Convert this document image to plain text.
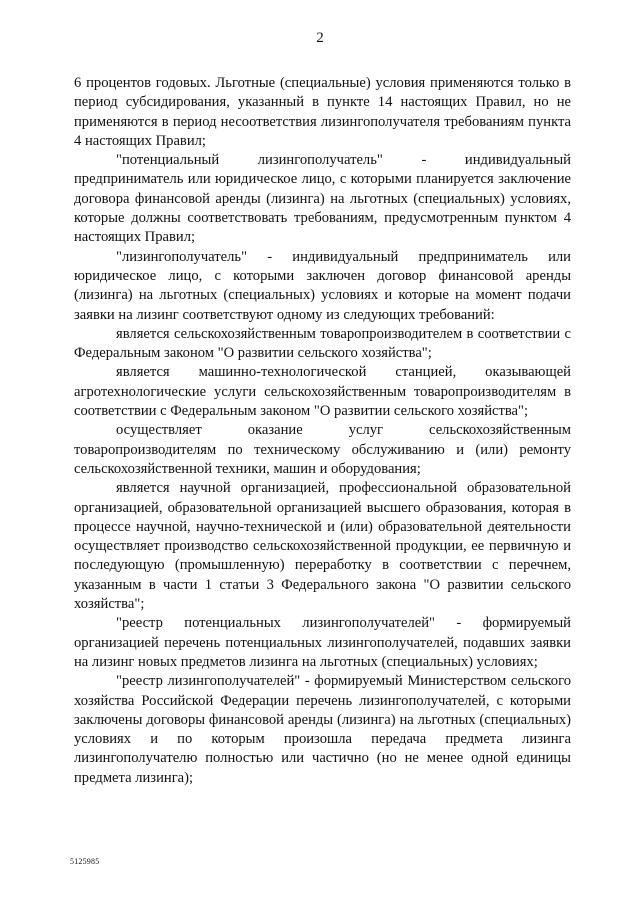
2

6 процентов годовых. Льготные (специальные) условия применяются только в период субсидирования, указанный в пункте 14 настоящих Правил, но не применяются в период несоответствия лизингополучателя требованиям пункта 4 настоящих Правил;

"потенциальный лизингополучатель" - индивидуальный предприниматель или юридическое лицо, с которыми планируется заключение договора финансовой аренды (лизинга) на льготных (специальных) условиях, которые должны соответствовать требованиям, предусмотренным пунктом 4 настоящих Правил;

"лизингополучатель" - индивидуальный предприниматель или юридическое лицо, с которыми заключен договор финансовой аренды (лизинга) на льготных (специальных) условиях и которые на момент подачи заявки на лизинг соответствуют одному из следующих требований:

является сельскохозяйственным товаропроизводителем в соответствии с Федеральным законом "О развитии сельского хозяйства";

является машинно-технологической станцией, оказывающей агротехнологические услуги сельскохозяйственным товаропроизводителям в соответствии с Федеральным законом "О развитии сельского хозяйства";

осуществляет оказание услуг сельскохозяйственным товаропроизводителям по техническому обслуживанию и (или) ремонту сельскохозяйственной техники, машин и оборудования;

является научной организацией, профессиональной образовательной организацией, образовательной организацией высшего образования, которая в процессе научной, научно-технической и (или) образовательной деятельности осуществляет производство сельскохозяйственной продукции, ее первичную и последующую (промышленную) переработку в соответствии с перечнем, указанным в части 1 статьи 3 Федерального закона "О развитии сельского хозяйства";

"реестр потенциальных лизингополучателей" - формируемый организацией перечень потенциальных лизингополучателей, подавших заявки на лизинг новых предметов лизинга на льготных (специальных) условиях;

"реестр лизингополучателей" - формируемый Министерством сельского хозяйства Российской Федерации перечень лизингополучателей, с которыми заключены договоры финансовой аренды (лизинга) на льготных (специальных) условиях и по которым произошла передача предмета лизинга лизингополучателю полностью или частично (но не менее одной единицы предмета лизинга);

5125985
